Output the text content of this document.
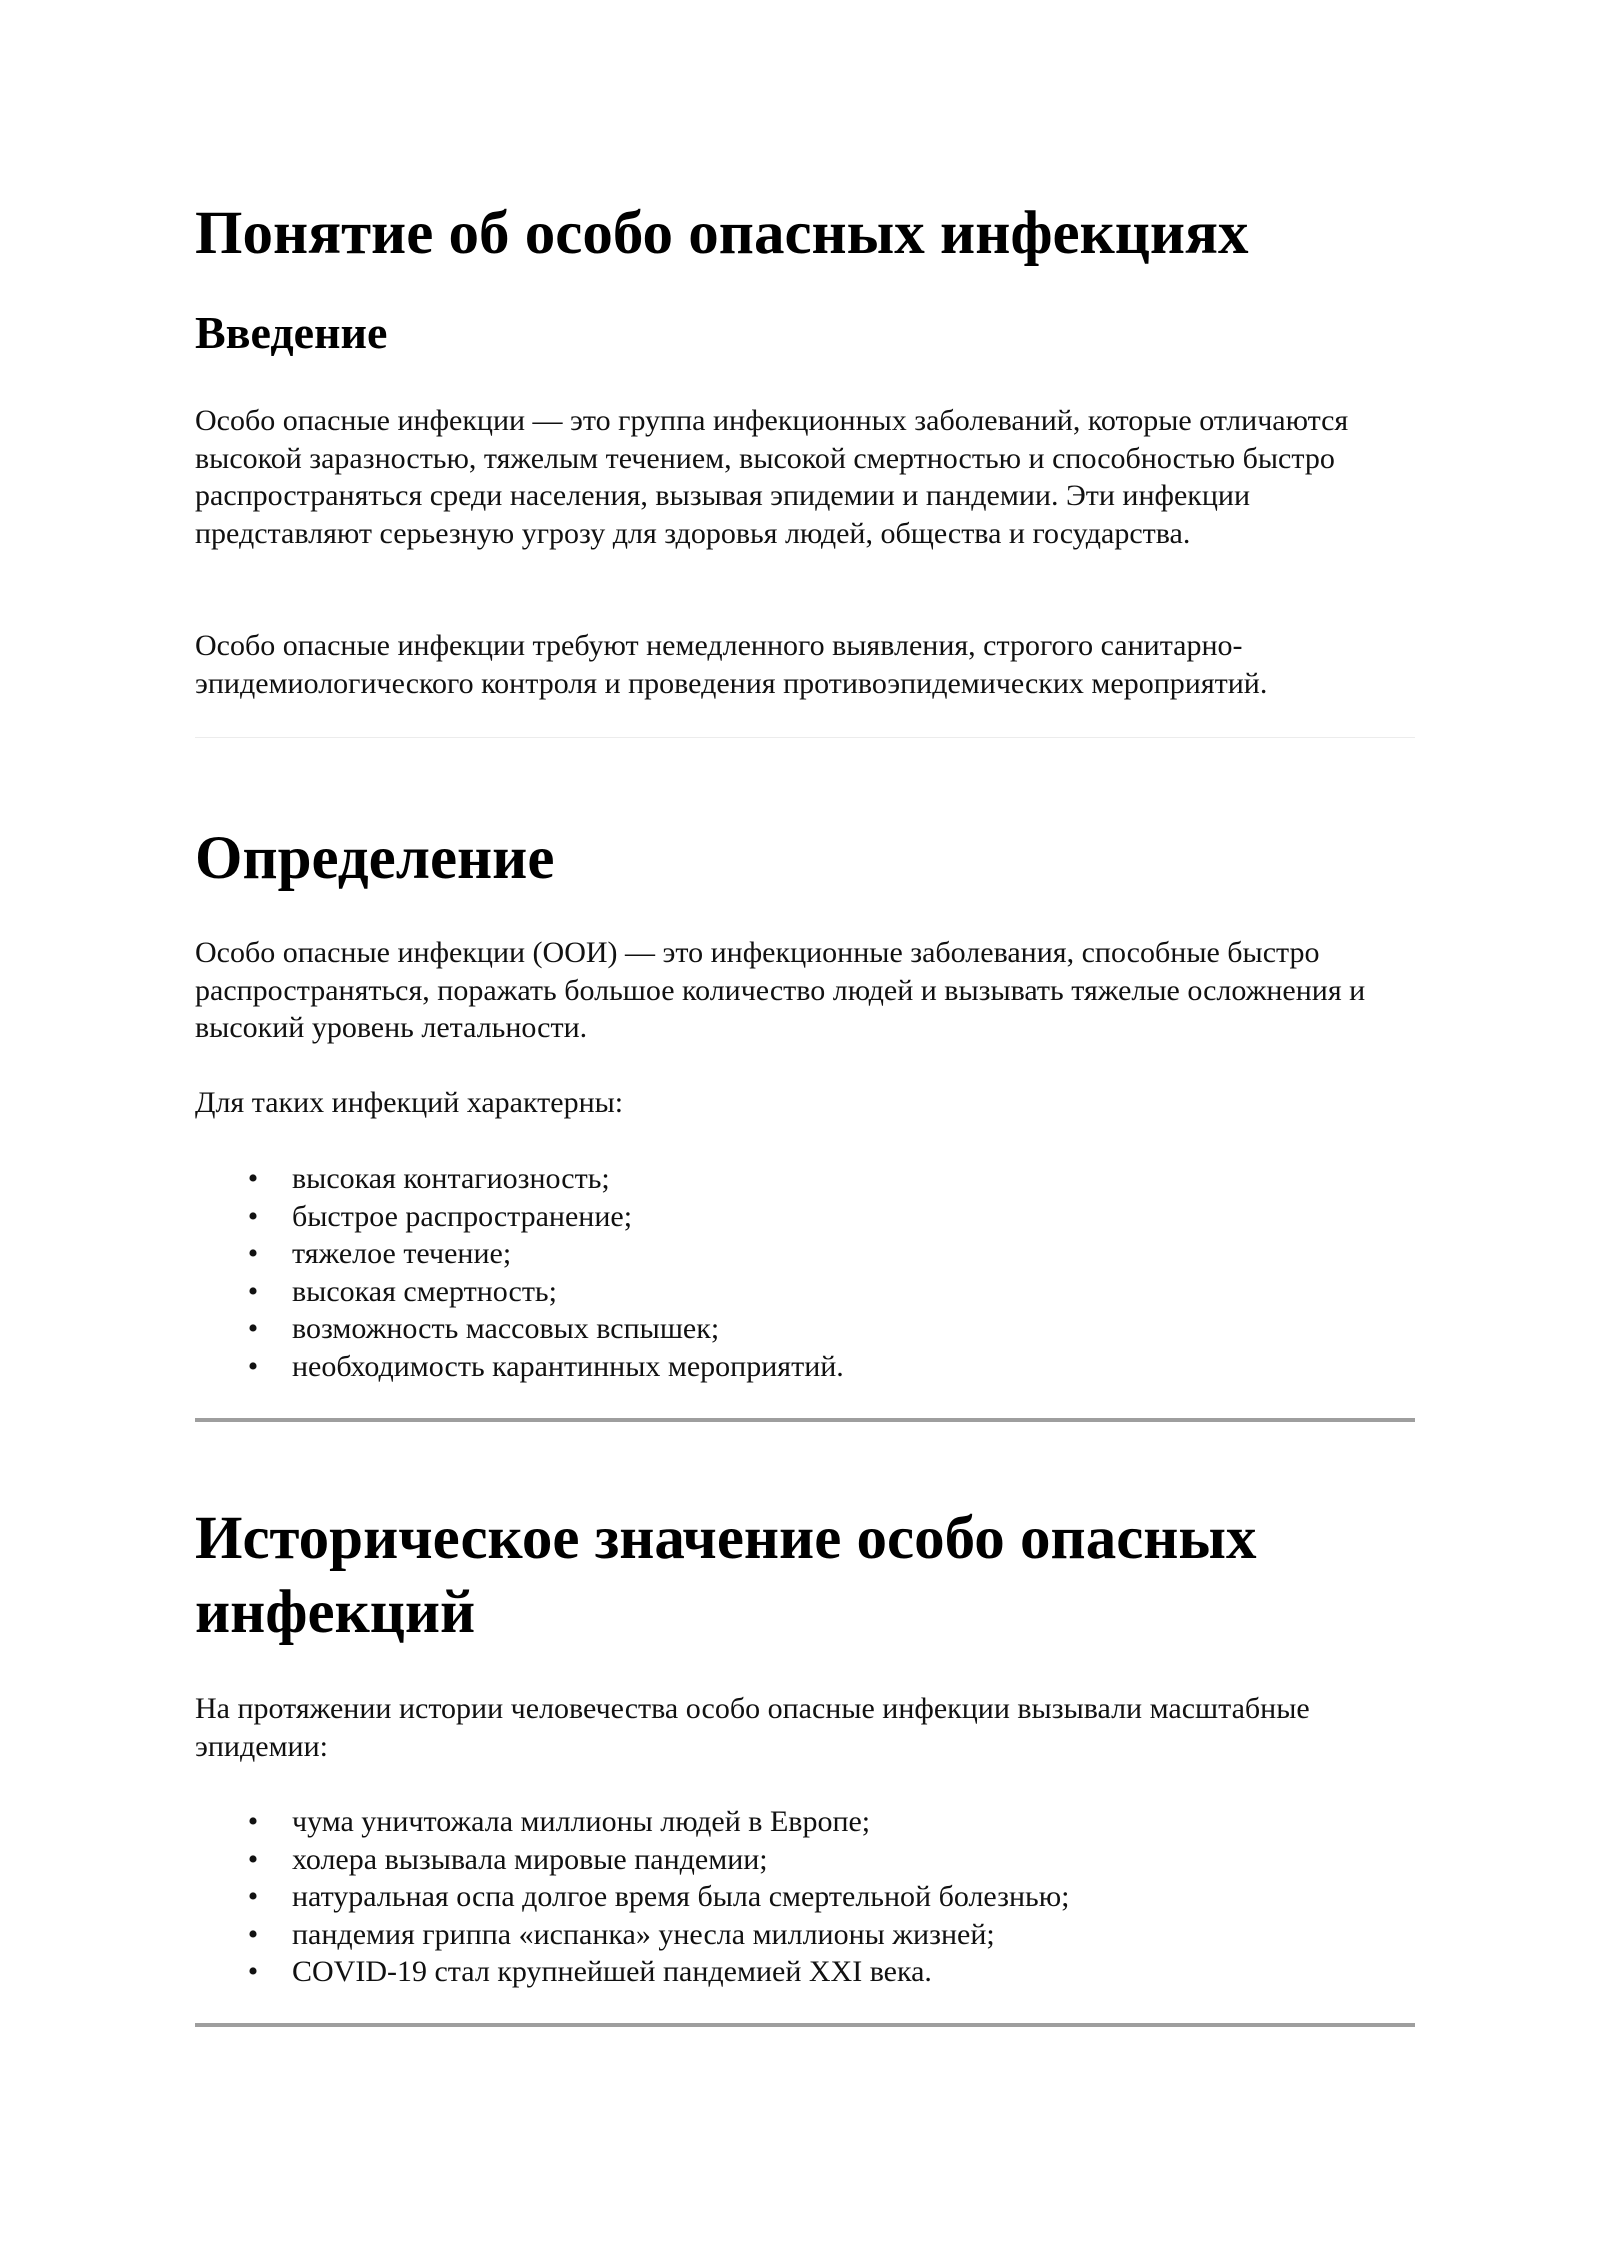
Понятие об особо опасных инфекциях
Введение

Особо опасные инфекции — это группа инфекционных заболеваний, которые отличаются высокой заразностью, тяжелым течением, высокой смертностью и способностью быстро распространяться среди населения, вызывая эпидемии и пандемии. Эти инфекции представляют серьезную угрозу для здоровья людей, общества и государства.

Особо опасные инфекции требуют немедленного выявления, строгого санитарно-эпидемиологического контроля и проведения противоэпидемических мероприятий.

Определение

Особо опасные инфекции (ООИ) — это инфекционные заболевания, способные быстро распространяться, поражать большое количество людей и вызывать тяжелые осложнения и высокий уровень летальности.

Для таких инфекций характерны:

• высокая контагиозность;
• быстрое распространение;
• тяжелое течение;
• высокая смертность;
• возможность массовых вспышек;
• необходимость карантинных мероприятий.
Историческое значение особо опасных инфекций

На протяжении истории человечества особо опасные инфекции вызывали масштабные эпидемии:

• чума уничтожала миллионы людей в Европе;
• холера вызывала мировые пандемии;
• натуральная оспа долгое время была смертельной болезнью;
• пандемия гриппа «испанка» унесла миллионы жизней;
• COVID-19 стал крупнейшей пандемией XXI века.
